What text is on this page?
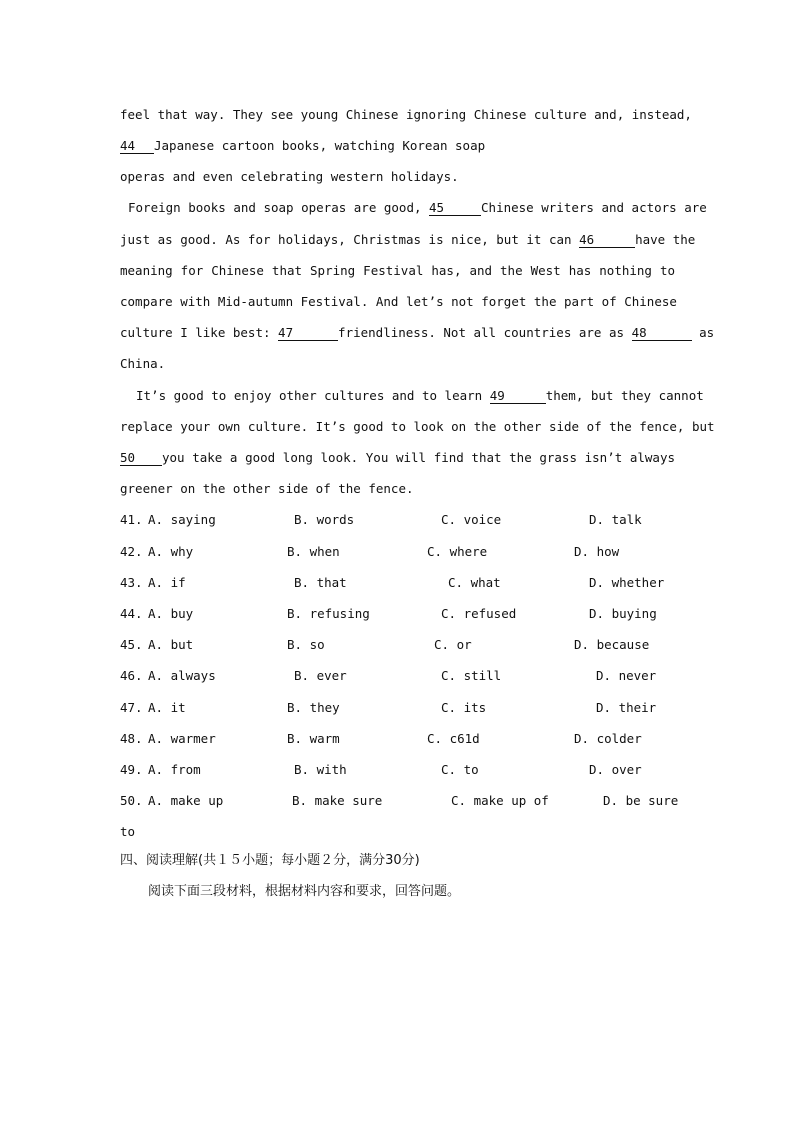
feel that way. They see young Chinese ignoring Chinese culture and, instead,
44 Japanese cartoon books, watching Korean soap
operas and even celebrating western holidays.
Foreign books and soap operas are good, 45	Chinese writers and actors are
just as good. As for holidays, Christmas is nice, but it can 46	have the
meaning for Chinese that Spring Festival has, and the West has nothing to
compare with Mid-autumn Festival. And let’s not forget the part of Chinese
culture I like best: 47	friendliness. Not all countries are as 48	as
China.
It’s good to enjoy other cultures and to learn 49	them, but they cannot
replace your own culture. It’s good to look on the other side of the fence, but
50 you take a good long look. You will find that the grass isn’t always
greener on the other side of the fence.
41. A. saying	B. words	C. voice	D. talk
42. A. why	B. when	C. where	D. how
43. A. if	B. that	C. what	D. whether
44. A. buy	B. refusing	C. refused	D. buying
45. A. but	B. so	C. or	D. because
46. A. always	B. ever	C. still	D. never
47. A. it	B. they	C. its	D. their
48. A. warmer	B. warm	C. c61d	D. colder
49. A. from	B. with	C. to	D. over
50. A. make up	B. make sure	C. make up of	D. be sure
to
四、阅读理解(共１５小题；每小题２分，满分30分)
阅读下面三段材料，根据材料内容和要求，回答问题。
